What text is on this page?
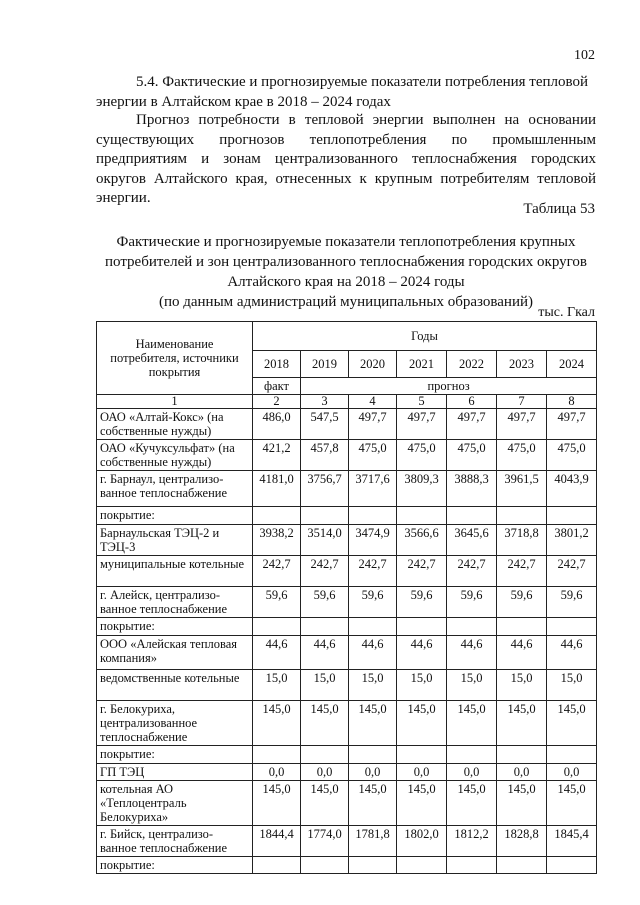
102
5.4. Фактические и прогнозируемые показатели потребления тепловой
энергии в Алтайском крае в 2018 – 2024 годах

Прогноз потребности в тепловой энергии выполнен на основании существующих прогнозов теплопотребления по промышленным предприятиям и зонам централизованного теплоснабжения городских округов Алтайского края, отнесенных к крупным потребителям тепловой энергии.

Таблица 53
Фактические и прогнозируемые показатели теплопотребления крупных
потребителей и зон централизованного теплоснабжения городских округов
Алтайского края на 2018 – 2024 годы
(по данным администраций муниципальных образований)
тыс. Гкал
Наименование потребителя, источники покрытия	Годы						
	2018	2019	2020	2021	2022	2023	2024
	факт	прогноз					
1	2	3	4	5	6	7	8
ОАО «Алтай-Кокс» (на собственные нужды)	486,0	547,5	497,7	497,7	497,7	497,7	497,7
ОАО «Кучуксульфат» (на собственные нужды)	421,2	457,8	475,0	475,0	475,0	475,0	475,0
г. Барнаул, централизо-ванное теплоснабжение	4181,0	3756,7	3717,6	3809,3	3888,3	3961,5	4043,9
покрытие:							
Барнаульская ТЭЦ-2 и ТЭЦ-3	3938,2	3514,0	3474,9	3566,6	3645,6	3718,8	3801,2
муниципальные котельные	242,7	242,7	242,7	242,7	242,7	242,7	242,7
г. Алейск, централизо-ванное теплоснабжение	59,6	59,6	59,6	59,6	59,6	59,6	59,6
покрытие:							
ООО «Алейская тепловая компания»	44,6	44,6	44,6	44,6	44,6	44,6	44,6
ведомственные котельные	15,0	15,0	15,0	15,0	15,0	15,0	15,0
г. Белокуриха, централизованное теплоснабжение	145,0	145,0	145,0	145,0	145,0	145,0	145,0
покрытие:							
ГП ТЭЦ	0,0	0,0	0,0	0,0	0,0	0,0	0,0
котельная АО «Теплоцентраль Белокуриха»	145,0	145,0	145,0	145,0	145,0	145,0	145,0
г. Бийск, централизо-ванное теплоснабжение	1844,4	1774,0	1781,8	1802,0	1812,2	1828,8	1845,4
покрытие:							
